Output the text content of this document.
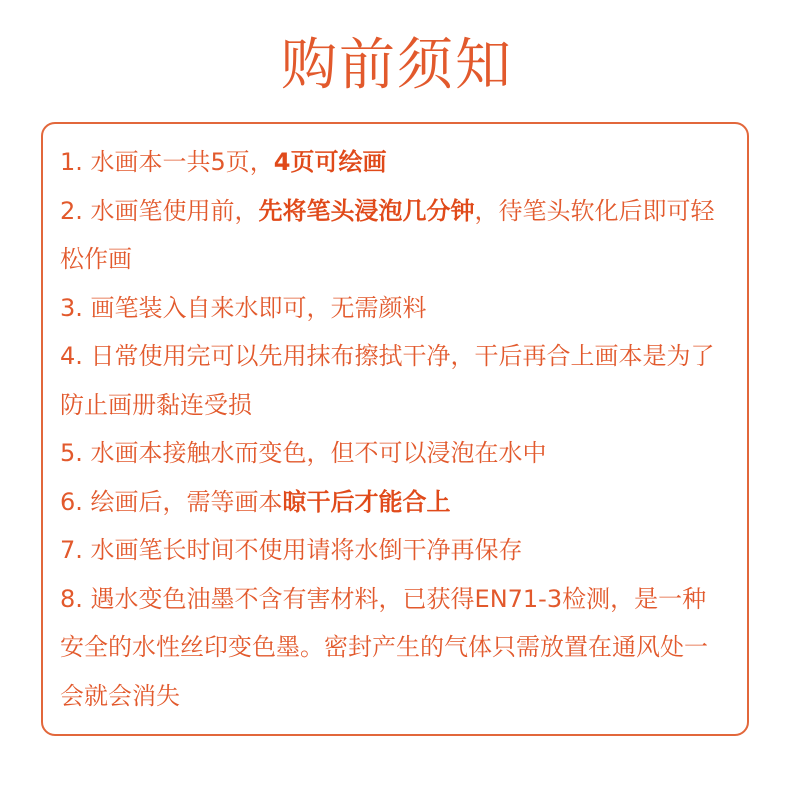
购前须知
1. 水画本一共5页，4页可绘画
2. 水画笔使用前，先将笔头浸泡几分钟，待笔头软化后即可轻松作画
3. 画笔装入自来水即可，无需颜料
4. 日常使用完可以先用抹布擦拭干净，干后再合上画本是为了防止画册黏连受损
5. 水画本接触水而变色，但不可以浸泡在水中
6. 绘画后，需等画本晾干后才能合上
7. 水画笔长时间不使用请将水倒干净再保存
8. 遇水变色油墨不含有害材料，已获得EN71-3检测，是一种安全的水性丝印变色墨。密封产生的气体只需放置在通风处一会就会消失
